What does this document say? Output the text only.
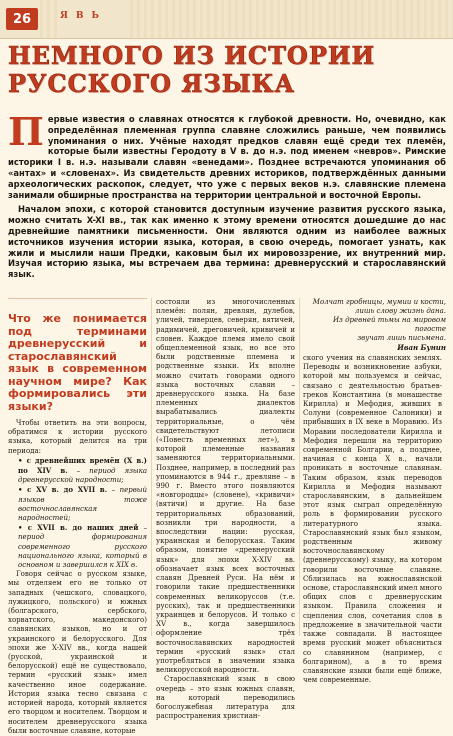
26	ЯВЬ
НЕМНОГО ИЗ ИСТОРИИ
РУССКОГО ЯЗЫКА

Первые известия о славянах относятся к глубокой древности. Но, очевидно, как определённая племенная группа славяне сложились раньше, чем появились упоминания о них. Учёные находят предков славян ещё среди тех племён, которые были известны Геродоту в V в. до н.э. под именем «невров». Римские историки I в. н.э. называли славян «венедами». Позднее встречаются упоминания об «антах» и «словенах». Из свидетельств древних историков, подтверждённых данными археологических раскопок, следует, что уже с первых веков н.э. славянские племена занимали обширные пространства на территории центральной и восточной Европы.

Началом эпохи, с которой становится доступным изучение развития русского языка, можно считать X-XI вв., так как именно к этому времени относятся дошедшие до нас древнейшие памятники письменности. Они являются одним из наиболее важных источников изучения истории языка, которая, в свою очередь, помогает узнать, как жили и мыслили наши Предки, каковым был их мировоззрение, их внутренний мир. Изучая историю языка, мы встречаем два термина: древнерусский и старославянский язык.

Что же понимается под терминами древнерусский и старославянский язык в современном научном мире? Как формировались эти языки?

Чтобы ответить на эти вопросы, обратимся к истории русского языка, который делится на три периода:

• с древнейших времён (X в.) по XIV в. – период языка древнерусской народности;

• с XV в. до XVII в. – первый языков тоже восточнославянская народностей;

• с XVII в. до наших дней – период формирования современного русского национального языка, который в основном и завершился к XIX в.

Говоря сейчас о русском языке, мы отделяем его не только от западных (чешского, словацкого, лужицкого, польского) и южных (болгарского, сербского, хорватского, македонского) славянских языков, но и от украинского и белорусского. Для эпохи же X-XIV вв., когда нашей (русской, украинской и белорусской) ещё не существовало, термин «русский язык» имел качественно иное содержание. История языка тесно связана с историей народа, который является его творцом и носителем. Творцом и носителем древнерусского языка были восточные славяне, которые

состояли из многочисленных племён: полян, древлян, дулебов, уличей, тиверцев, северян, вятичей, радимичей, дреговичей, кривичей и словен. Каждое племя имело свой общеплеменной язык, но все это были родственные племена и родственные языки. Их вполне можно считать говорами одного языка восточных славян – древнерусского языка. На базе племенных диалектов вырабатывались диалекты территориальные, о чём свидетельствуют летописи («Повесть временных лет»), в которой племенные названия заменяются территориальными. Позднее, например, в последний раз упоминаются в 944 г., древляне – в 990 г. Вместо этого появляются «новгородцы» (словене), «кривичи» (вятичи) и другие. На базе территориальных образований, возникли три народности, а впоследствии нации: русская, украинская и белорусская. Таким образом, понятие «древнерусский язык» для эпохи X-XIV вв. обозначает язык всех восточных славян Древней Руси. На нём и говорили такие предшественники современных великоруссов (т.е. русских), так и предшественники украинцев и белорусов. И только с XV в., когда завершилось оформление трёх восточнославянских народностей термин «русский язык» стал употребляться в значении языка великорусской народности.

Старославянский язык в свою очередь – это язык южных славян, на который переводились богослужебная литература для распространения христиан-

Молчат гробницы, мумии и кости,
лишь слову жизнь дана.
Из древней тьмы на мировом погосте
звучат лишь письмена.
Иван Бунин

ского учения на славянских землях. Переводы и возникновение азбуки, которой мы пользуемся и сейчас, связано с деятельностью братьев-греков Константина (в монашестве Кирилла) и Мефодия, живших в Солуни (современное Салоники) и прибывших в IX веке в Моравию. Из Моравии последователи Кирилла и Мефодия перешли на территорию современной Болгарии, а позднее, начиная с конца X в., начали проникать в восточные славянам. Таким образом, язык переводов Кирилла и Мефодия называют старославянским, в дальнейшем этот язык сыграл определённую роль в формировании русского литературного языка. Старославянский язык был языком, родственным живому восточнославянскому (древнерусскому) языку, на котором говорили восточные славяне. Сблизилась на южнославянской основе, старославянский имел много общих слов с древнерусским языком. Правила сложения и сцепления слов, сочетания слов в предложение в значительной части также совпадали. В настоящее время русский может объясниться со славянином (например, с болгарином), а в то время славянские языки были ещё ближе, чем современные.
